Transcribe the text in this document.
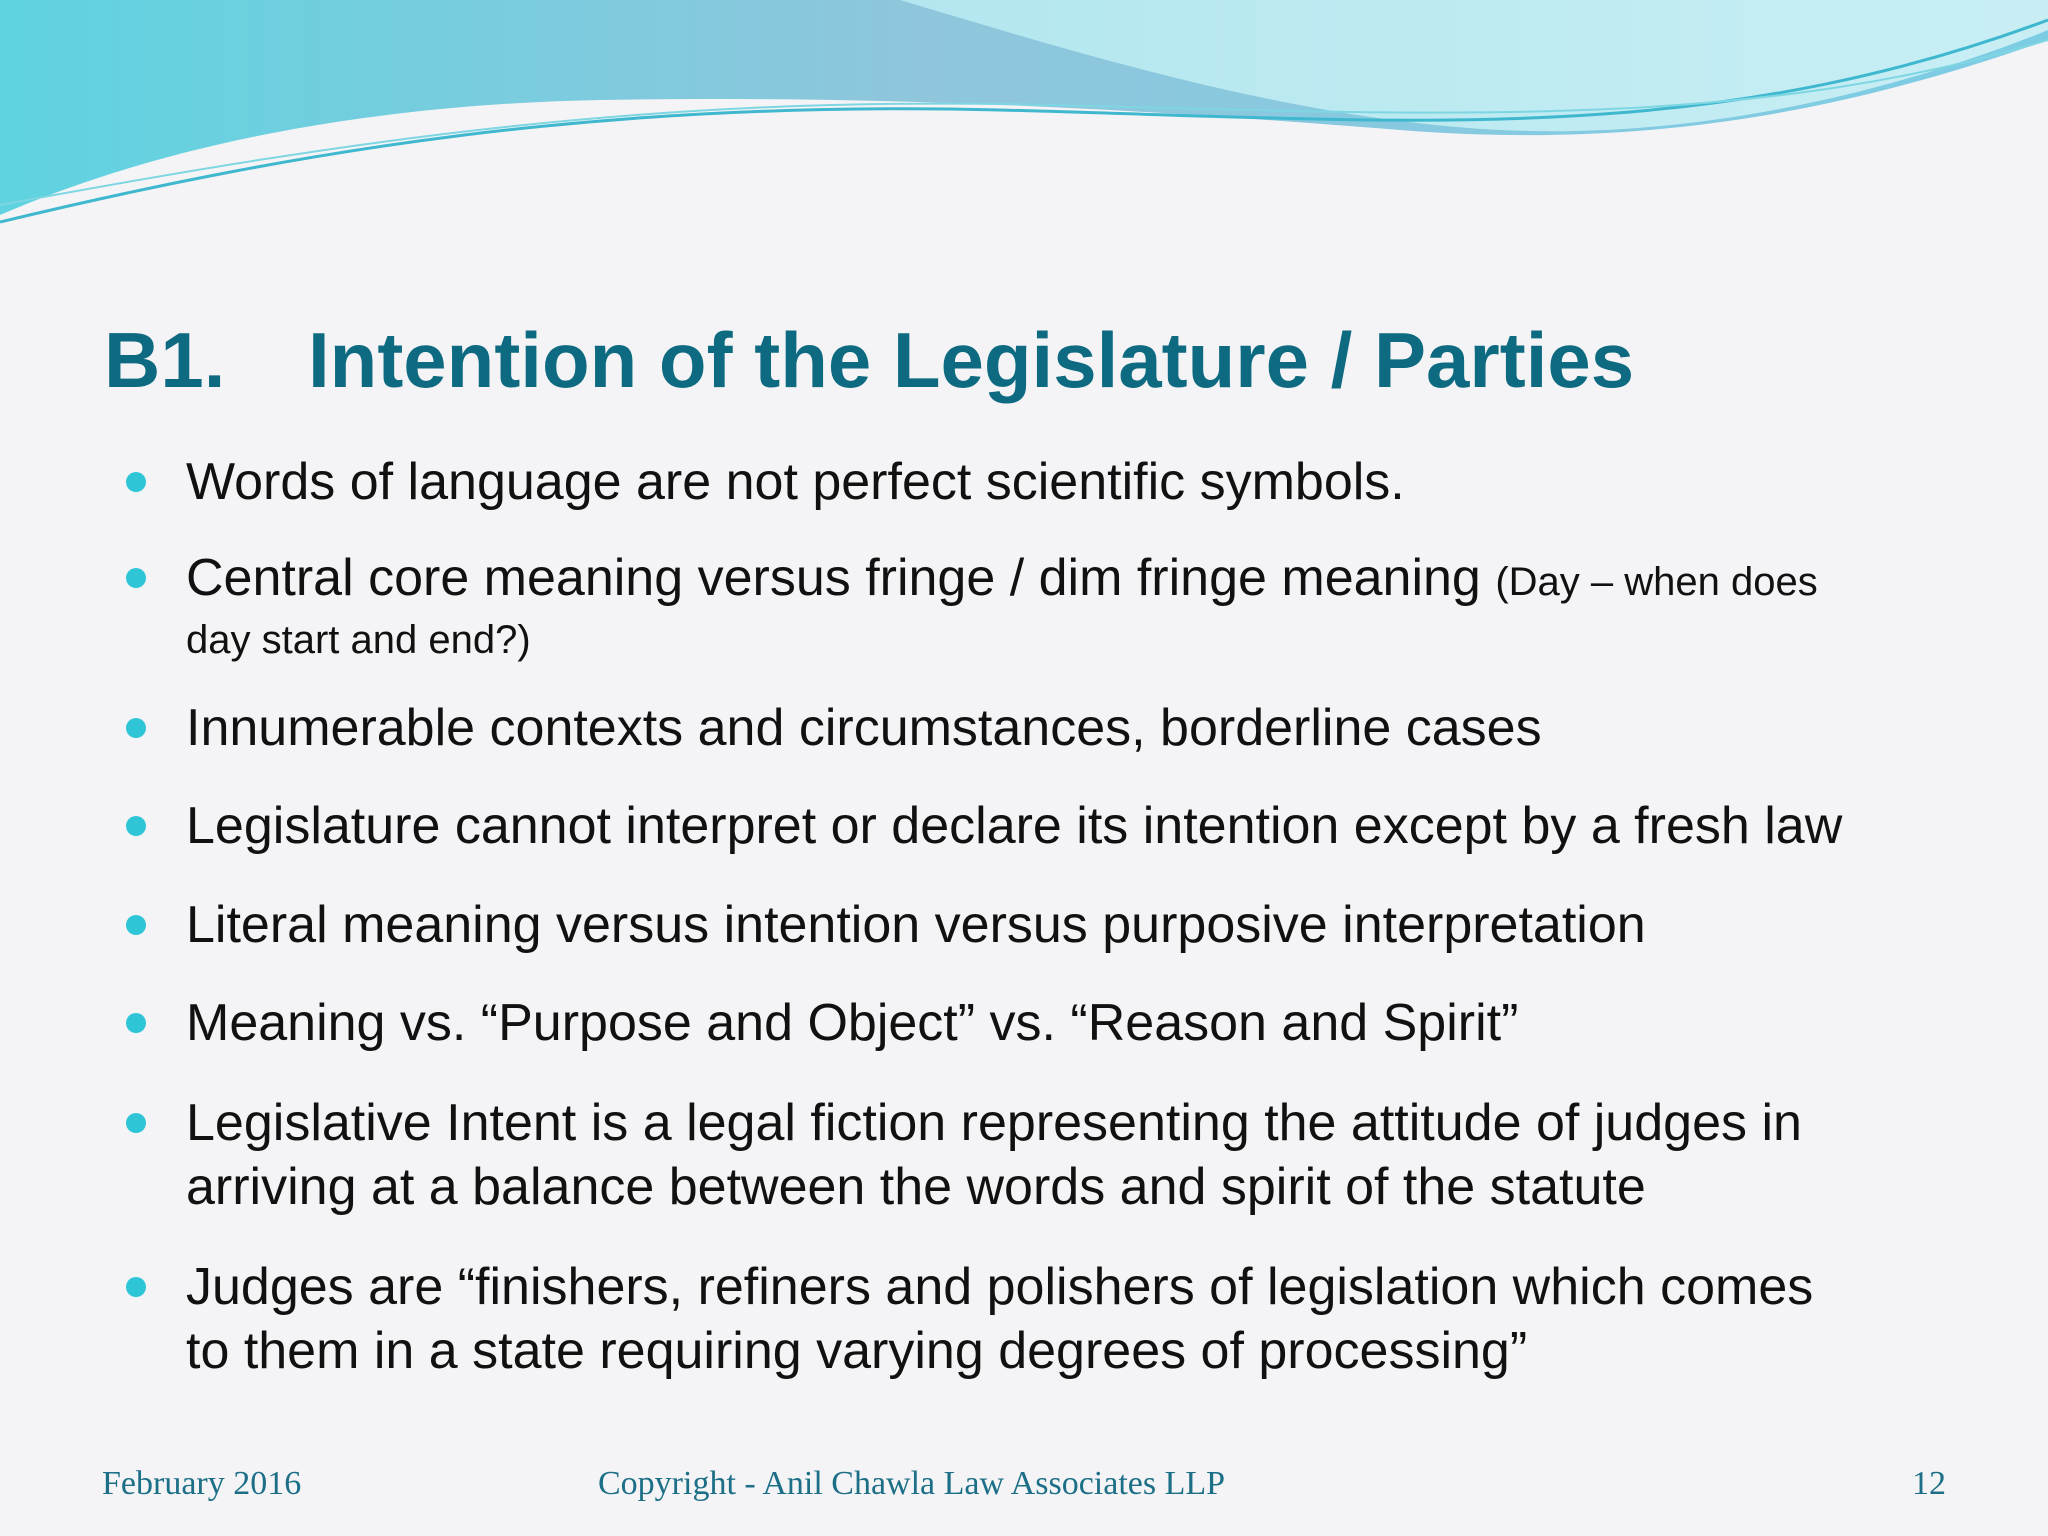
B1. Intention of the Legislature / Parties
Words of language are not perfect scientific symbols.
Central core meaning versus fringe / dim fringe meaning (Day – when does
day start and end?)
Innumerable contexts and circumstances, borderline cases
Legislature cannot interpret or declare its intention except by a fresh law
Literal meaning versus intention versus purposive interpretation
Meaning vs. “Purpose and Object” vs. “Reason and Spirit”
Legislative Intent is a legal fiction representing the attitude of judges in
arriving at a balance between the words and spirit of the statute
Judges are “finishers, refiners and polishers of legislation which comes
to them in a state requiring varying degrees of processing”
February 2016	Copyright - Anil Chawla Law Associates LLP	12
